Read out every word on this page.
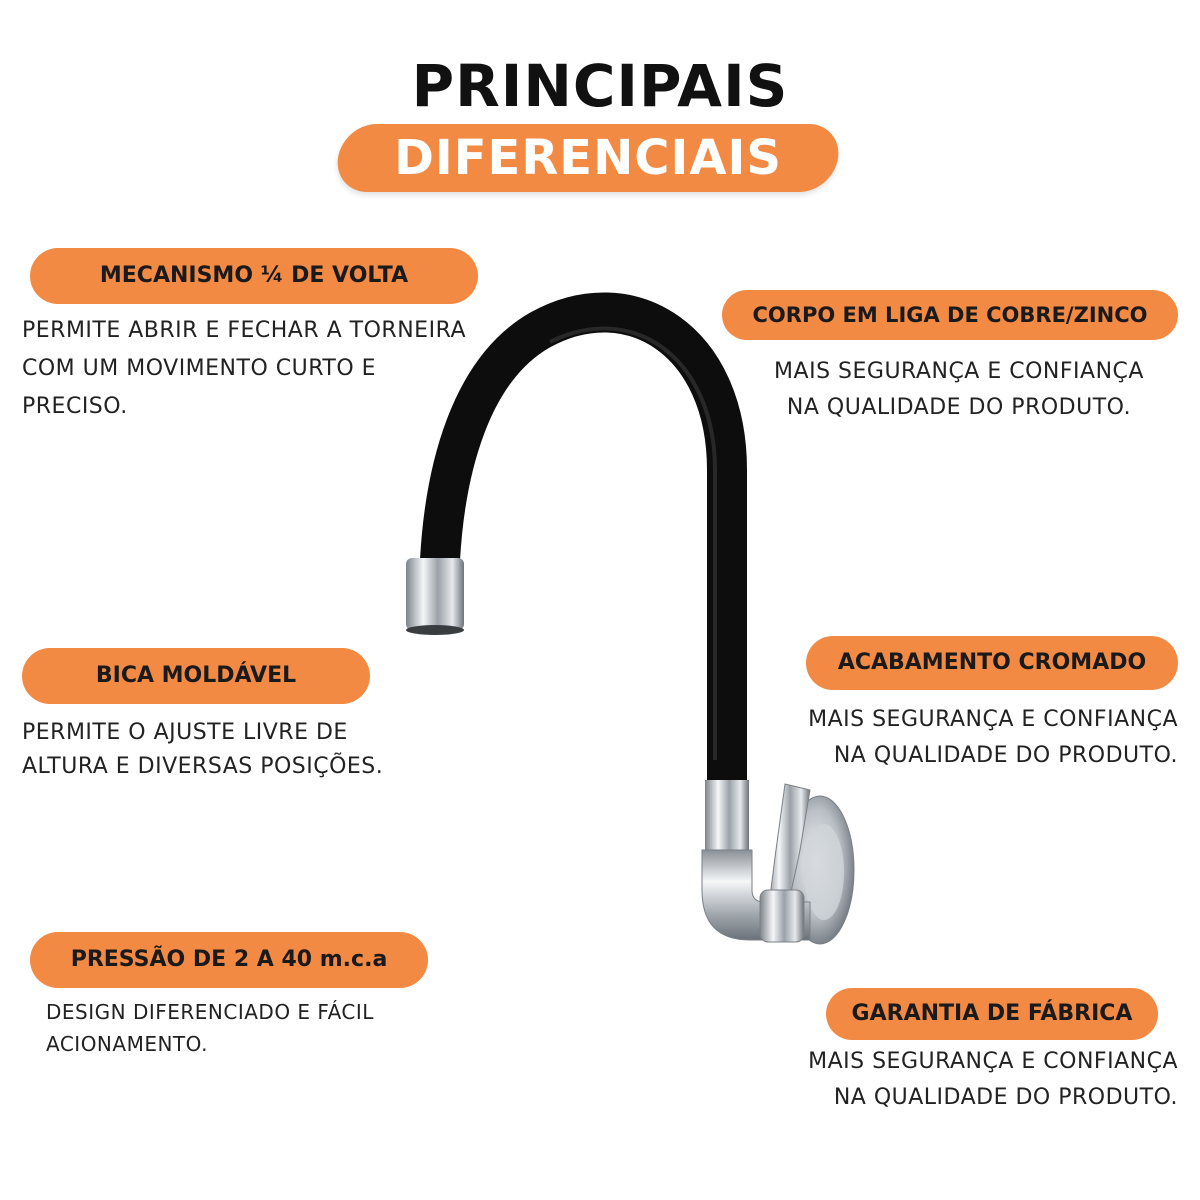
PRINCIPAIS
DIFERENCIAIS
MECANISMO ¼ DE VOLTA
PERMITE ABRIR E FECHAR A TORNEIRA
COM UM MOVIMENTO CURTO E
PRECISO.
BICA MOLDÁVEL
PERMITE O AJUSTE LIVRE DE
ALTURA E DIVERSAS POSIÇÕES.
PRESSÃO DE 2 A 40 m.c.a
DESIGN DIFERENCIADO E FÁCIL
ACIONAMENTO.
CORPO EM LIGA DE COBRE/ZINCO
MAIS SEGURANÇA E CONFIANÇA
NA QUALIDADE DO PRODUTO.
ACABAMENTO CROMADO
MAIS SEGURANÇA E CONFIANÇA
NA QUALIDADE DO PRODUTO.
GARANTIA DE FÁBRICA
MAIS SEGURANÇA E CONFIANÇA
NA QUALIDADE DO PRODUTO.
